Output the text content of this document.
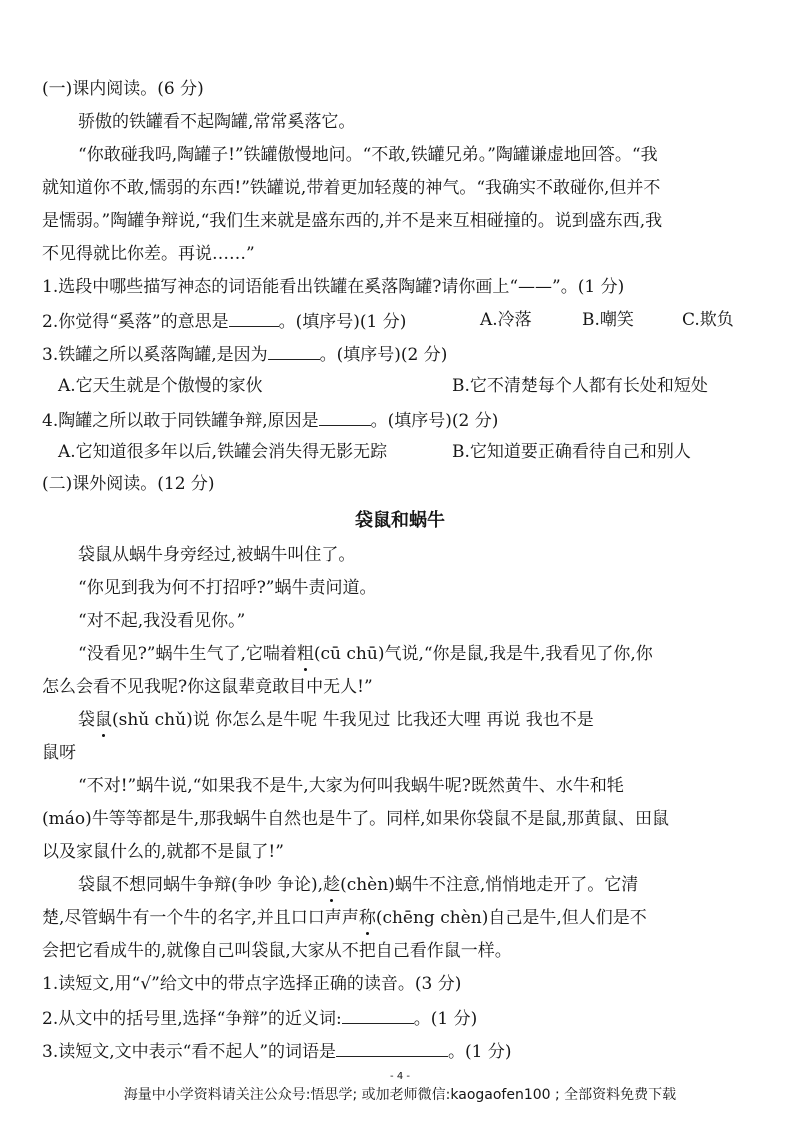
(一)课内阅读。(6 分)
骄傲的铁罐看不起陶罐,常常奚落它。
“你敢碰我吗,陶罐子!”铁罐傲慢地问。“不敢,铁罐兄弟。”陶罐谦虚地回答。“我
就知道你不敢,懦弱的东西!”铁罐说,带着更加轻蔑的神气。“我确实不敢碰你,但并不
是懦弱。”陶罐争辩说,“我们生来就是盛东西的,并不是来互相碰撞的。说到盛东西,我
不见得就比你差。再说……”
1.选段中哪些描写神态的词语能看出铁罐在奚落陶罐?请你画上“——”。(1 分)
2.你觉得“奚落”的意思是	。(填序号)(1 分)	A.冷落	B.嘲笑	C.欺负
3.铁罐之所以奚落陶罐,是因为	。(填序号)(2 分)
A.它天生就是个傲慢的家伙	B.它不清楚每个人都有长处和短处
4.陶罐之所以敢于同铁罐争辩,原因是	。(填序号)(2 分)
A.它知道很多年以后,铁罐会消失得无影无踪	B.它知道要正确看待自己和别人
(二)课外阅读。(12 分)
袋鼠和蜗牛
袋鼠从蜗牛身旁经过,被蜗牛叫住了。
“你见到我为何不打招呼?”蜗牛责问道。
“对不起,我没看见你。”
“没看见?”蜗牛生气了,它喘着粗(cū chū)气说,“你是鼠,我是牛,我看见了你,你
怎么会看不见我呢?你这鼠辈竟敢目中无人!”
袋鼠(shǔ chǔ)说 你怎么是牛呢 牛我见过 比我还大哩 再说 我也不是
鼠呀
“不对!”蜗牛说,“如果我不是牛,大家为何叫我蜗牛呢?既然黄牛、水牛和牦
(máo)牛等等都是牛,那我蜗牛自然也是牛了。同样,如果你袋鼠不是鼠,那黄鼠、田鼠
以及家鼠什么的,就都不是鼠了!”
袋鼠不想同蜗牛争辩(争吵 争论),趁(chèn)蜗牛不注意,悄悄地走开了。它清
楚,尽管蜗牛有一个牛的名字,并且口口声声称(chēng chèn)自己是牛,但人们是不
会把它看成牛的,就像自己叫袋鼠,大家从不把自己看作鼠一样。
1.读短文,用“√”给文中的带点字选择正确的读音。(3 分)
2.从文中的括号里,选择“争辩”的近义词:	。(1 分)
3.读短文,文中表示“看不起人”的词语是	。(1 分)
- 4 -
海量中小学资料请关注公众号:悟思学; 或加老师微信:kaogaofen100 ; 全部资料免费下载
